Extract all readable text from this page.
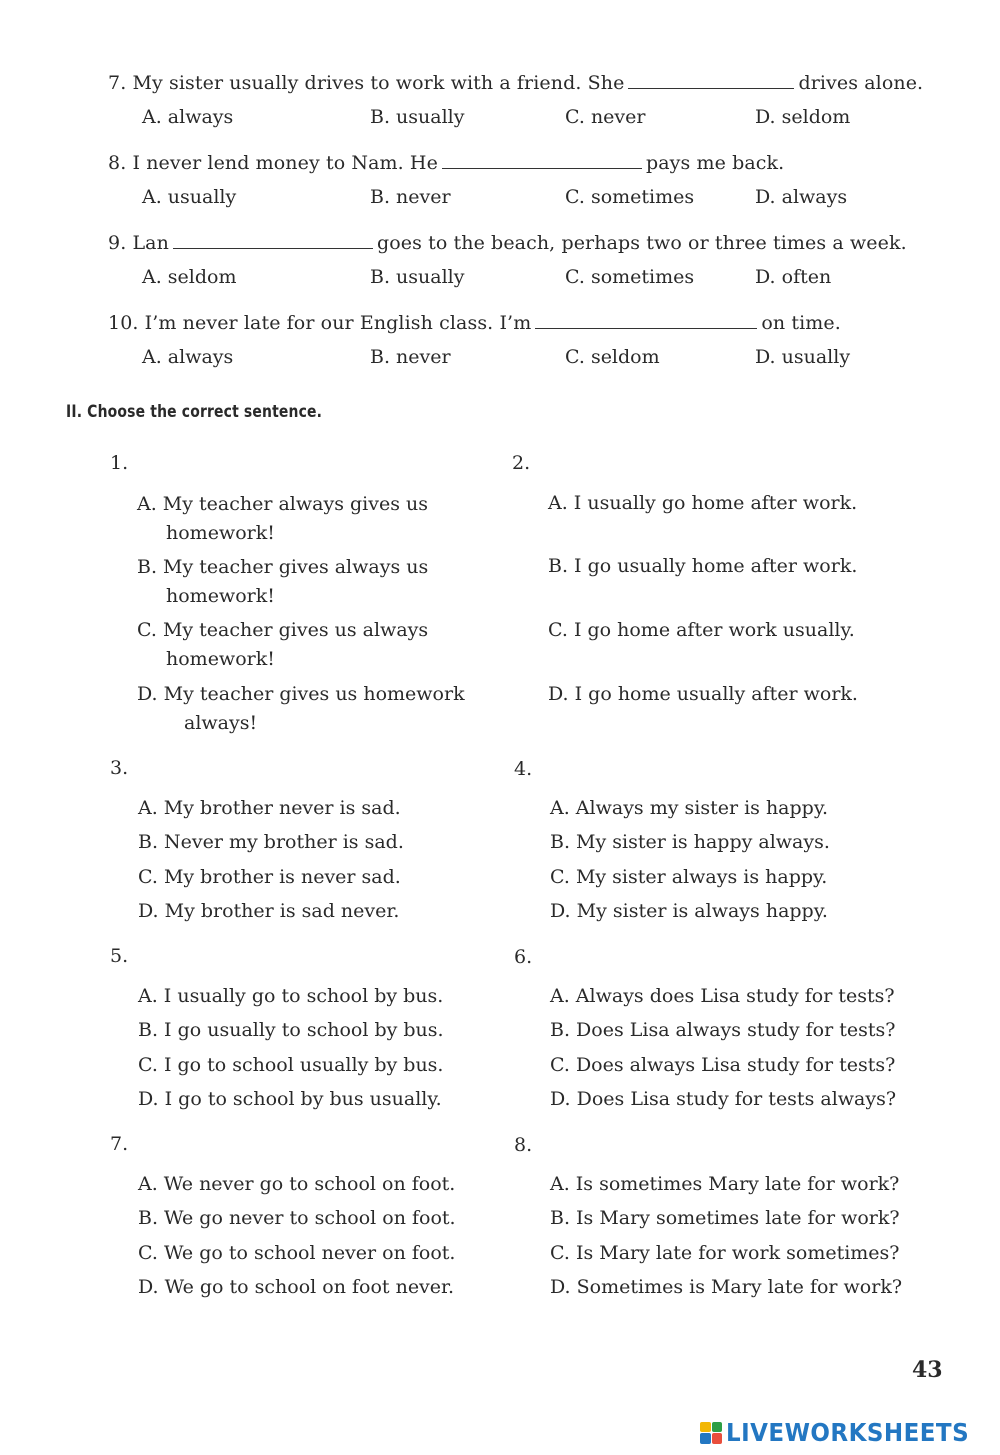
7. My sister usually drives to work with a friend. She	drives alone.
A. always	B. usually	C. never	D. seldom
8. I never lend money to Nam. He	pays me back.
A. usually	B. never	C. sometimes	D. always
9. Lan	goes to the beach, perhaps two or three times a week.
A. seldom	B. usually	C. sometimes	D. often
10. I’m never late for our English class. I’m	on time.
A. always	B. never	C. seldom	D. usually
II. Choose the correct sentence.
1.
A. My teacher always gives us
homework!
B. My teacher gives always us
homework!
C. My teacher gives us always
homework!
D. My teacher gives us homework
always!
2.
A. I usually go home after work.
B. I go usually home after work.
C. I go home after work usually.
D. I go home usually after work.
3.
A. My brother never is sad.
B. Never my brother is sad.
C. My brother is never sad.
D. My brother is sad never.
4.
A. Always my sister is happy.
B. My sister is happy always.
C. My sister always is happy.
D. My sister is always happy.
5.
A. I usually go to school by bus.
B. I go usually to school by bus.
C. I go to school usually by bus.
D. I go to school by bus usually.
6.
A. Always does Lisa study for tests?
B. Does Lisa always study for tests?
C. Does always Lisa study for tests?
D. Does Lisa study for tests always?
7.
A. We never go to school on foot.
B. We go never to school on foot.
C. We go to school never on foot.
D. We go to school on foot never.
8.
A. Is sometimes Mary late for work?
B. Is Mary sometimes late for work?
C. Is Mary late for work sometimes?
D. Sometimes is Mary late for work?
43
LIVEWORKSHEETS
